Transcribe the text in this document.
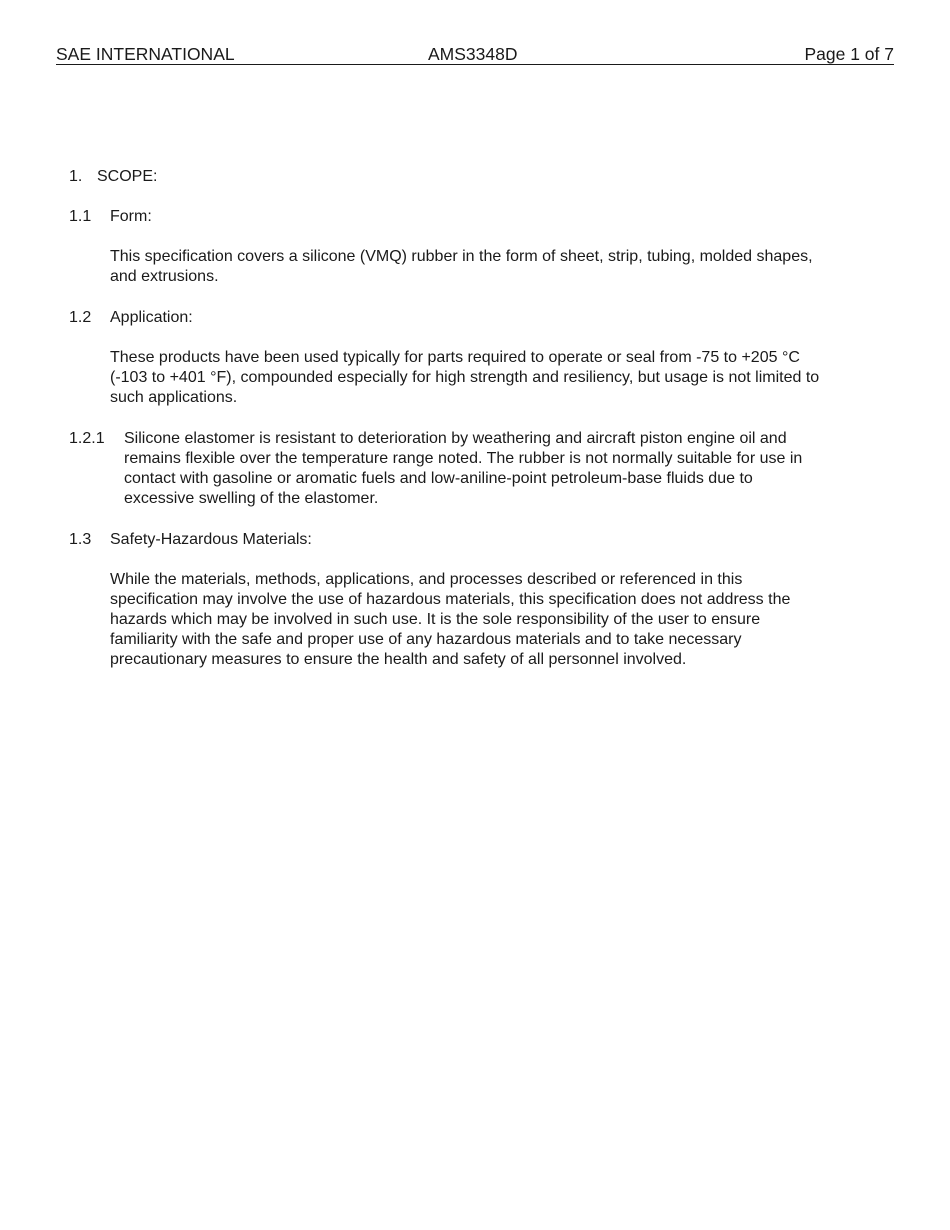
SAE INTERNATIONAL	AMS3348D	Page 1 of 7
1. SCOPE:
1.1 Form:
This specification covers a silicone (VMQ) rubber in the form of sheet, strip, tubing, molded shapes,
and extrusions.
1.2 Application:
These products have been used typically for parts required to operate or seal from -75 to +205 °C
(-103 to +401 °F), compounded especially for high strength and resiliency, but usage is not limited to
such applications.
1.2.1 Silicone elastomer is resistant to deterioration by weathering and aircraft piston engine oil and
remains flexible over the temperature range noted. The rubber is not normally suitable for use in
contact with gasoline or aromatic fuels and low-aniline-point petroleum-base fluids due to
excessive swelling of the elastomer.
1.3 Safety-Hazardous Materials:
While the materials, methods, applications, and processes described or referenced in this
specification may involve the use of hazardous materials, this specification does not address the
hazards which may be involved in such use. It is the sole responsibility of the user to ensure
familiarity with the safe and proper use of any hazardous materials and to take necessary
precautionary measures to ensure the health and safety of all personnel involved.
